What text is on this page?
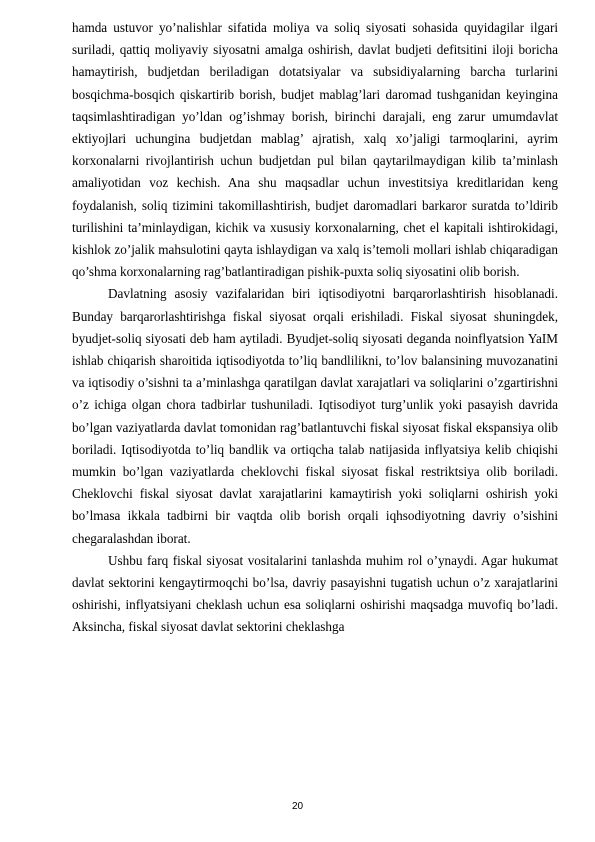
hamda ustuvor yo’nalishlar sifatida moliya va soliq siyosati sohasida quyidagilar ilgari suriladi, qattiq moliyaviy siyosatni amalga oshirish, davlat budjeti defitsitini iloji boricha hamaytirish, budjetdan beriladigan dotatsiyalar va subsidiyalarning barcha turlarini bosqichma-bosqich qiskartirib borish, budjet mablag’lari daromad tushganidan keyingina taqsimlashtiradigan yo’ldan og’ishmay borish, birinchi darajali, eng zarur umumdavlat ektiyojlari uchungina budjetdan mablag’ ajratish, xalq xo’jaligi tarmoqlarini, ayrim korxonalarni rivojlantirish uchun budjetdan pul bilan qaytarilmaydigan kilib ta’minlash amaliyotidan voz kechish. Ana shu maqsadlar uchun investitsiya kreditlaridan keng foydalanish, soliq tizimini takomillashtirish, budjet daromadlari barkaror suratda to’ldirib turilishini ta’minlaydigan, kichik va xususiy korxonalarning, chet el kapitali ishtirokidagi, kishlok zo’jalik mahsulotini qayta ishlaydigan va xalq is’temoli mollari ishlab chiqaradigan qo’shma korxonalarning rag’batlantiradigan pishik-puxta soliq siyosatini olib borish.

Davlatning asosiy vazifalaridan biri iqtisodiyotni barqarorlashtirish hisoblanadi. Bunday barqarorlashtirishga fiskal siyosat orqali erishiladi. Fiskal siyosat shuningdek, byudjet-soliq siyosati deb ham aytiladi. Byudjet-soliq siyosati deganda noinflyatsion YaIM ishlab chiqarish sharoitida iqtisodiyotda to’liq bandlilikni, to’lov balansining muvozanatini va iqtisodiy o’sishni ta a’minlashga qaratilgan davlat xarajatlari va soliqlarini o’zgartirishni o’z ichiga olgan chora tadbirlar tushuniladi. Iqtisodiyot turg’unlik yoki pasayish davrida bo’lgan vaziyatlarda davlat tomonidan rag’batlantuvchi fiskal siyosat fiskal ekspansiya olib boriladi. Iqtisodiyotda to’liq bandlik va ortiqcha talab natijasida inflyatsiya kelib chiqishi mumkin bo’lgan vaziyatlarda cheklovchi fiskal siyosat fiskal restriktsiya olib boriladi. Cheklovchi fiskal siyosat davlat xarajatlarini kamaytirish yoki soliqlarni oshirish yoki bo’lmasa ikkala tadbirni bir vaqtda olib borish orqali iqhsodiyotning davriy o’sishini chegaralashdan iborat.

Ushbu farq fiskal siyosat vositalarini tanlashda muhim rol o’ynaydi. Agar hukumat davlat sektorini kengaytirmoqchi bo’lsa, davriy pasayishni tugatish uchun o’z xarajatlarini oshirishi, inflyatsiyani cheklash uchun esa soliqlarni oshirishi maqsadga muvofiq bo’ladi. Aksincha, fiskal siyosat davlat sektorini cheklashga

20
